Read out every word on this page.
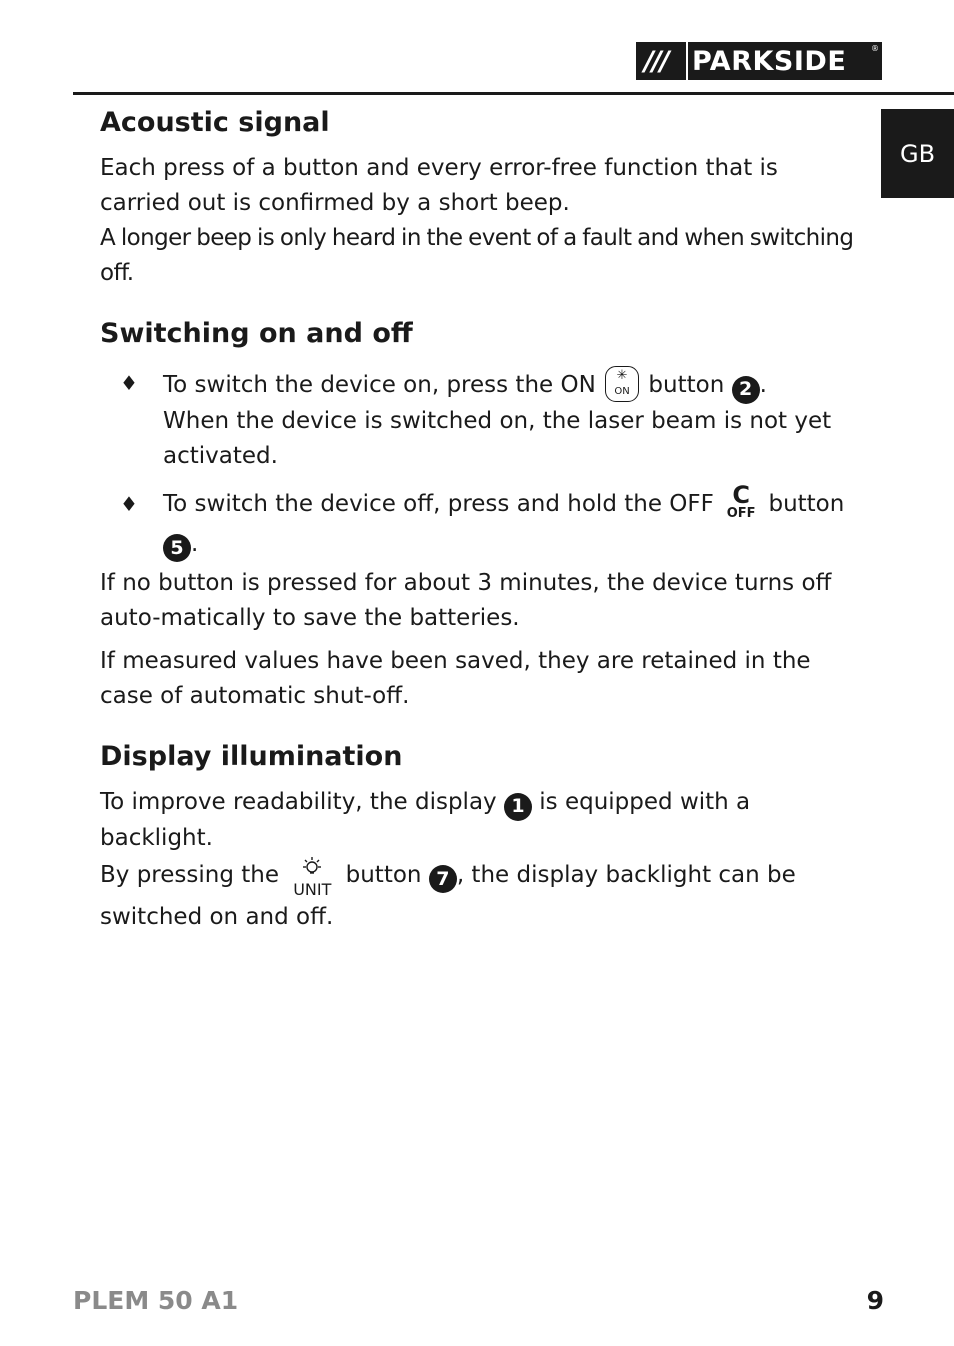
/// PARKSIDE	®
GB
Acoustic signal

Each press of a button and every error-free function that is carried out is confirmed by a short beep.

A longer beep is only heard in the event of a fault and when switching off.

Switching on and off
♦	To switch the device on, press the ON	✳
ON button 2 .
When the device is switched on, the laser beam is not yet activated.
♦	To switch the device off, press and hold the OFF C
OFF button 5 .

If no button is pressed for about 3 minutes, the device turns off auto-matically to save the batteries.

If measured values have been saved, they are retained in the case of automatic shut-off.

Display illumination

To improve readability, the display 1 is equipped with a backlight.
By pressing the
UNIT
button 7 , the display backlight can be switched on and off.

PLEM 50 A1	9
